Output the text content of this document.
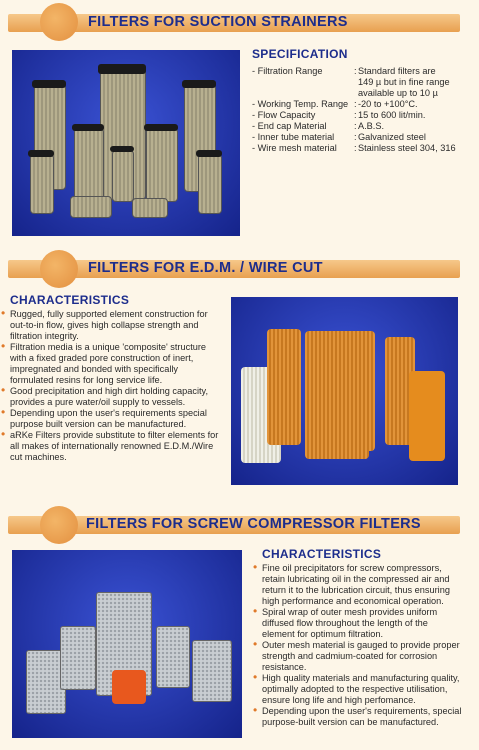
FILTERS FOR SUCTION STRAINERS
SPECIFICATION
- Filtration Range	: Standard filters are
149 µ but in fine range
available up to 10 µ
- Working Temp. Range : -20 to +100°C.
- Flow Capacity	: 15 to 600 lit/min.
- End cap Material	: A.B.S.
- Inner tube material : Galvanized steel
- Wire mesh material : Stainless steel 304, 316
FILTERS FOR E.D.M. / WIRE CUT
CHARACTERISTICS
• Rugged, fully supported element construction for out-to-in flow, gives high collapse strength and filtration integrity.
• Filtration media is a unique 'composite' structure with a fixed graded pore construction of inert, impregnated and bonded with specifically formulated resins for long service life.
• Good precipitation and high dirt holding capacity, provides a pure water/oil supply to vessels.
• Depending upon the user's requirements special purpose built version can be manufactured.
• aRKe Filters provide substitute to filter elements for all makes of internationally renowned E.D.M./Wire cut machines.
FILTERS FOR SCREW COMPRESSOR FILTERS
CHARACTERISTICS
• Fine oil precipitators for screw compressors, retain lubricating oil in the compressed air and return it to the lubrication circuit, thus ensuring high performance and economical operation.
• Spiral wrap of outer mesh provides uniform diffused flow throughout the length of the element for optimum filtration.
• Outer mesh material is gauged to provide proper strength and cadmium-coated for corrosion resistance.
• High quality materials and manufacturing quality, optimally adopted to the respective utilisation, ensure long life and high perfomance.
• Depending upon the user's requirements, special purpose-built version can be manufactured.
